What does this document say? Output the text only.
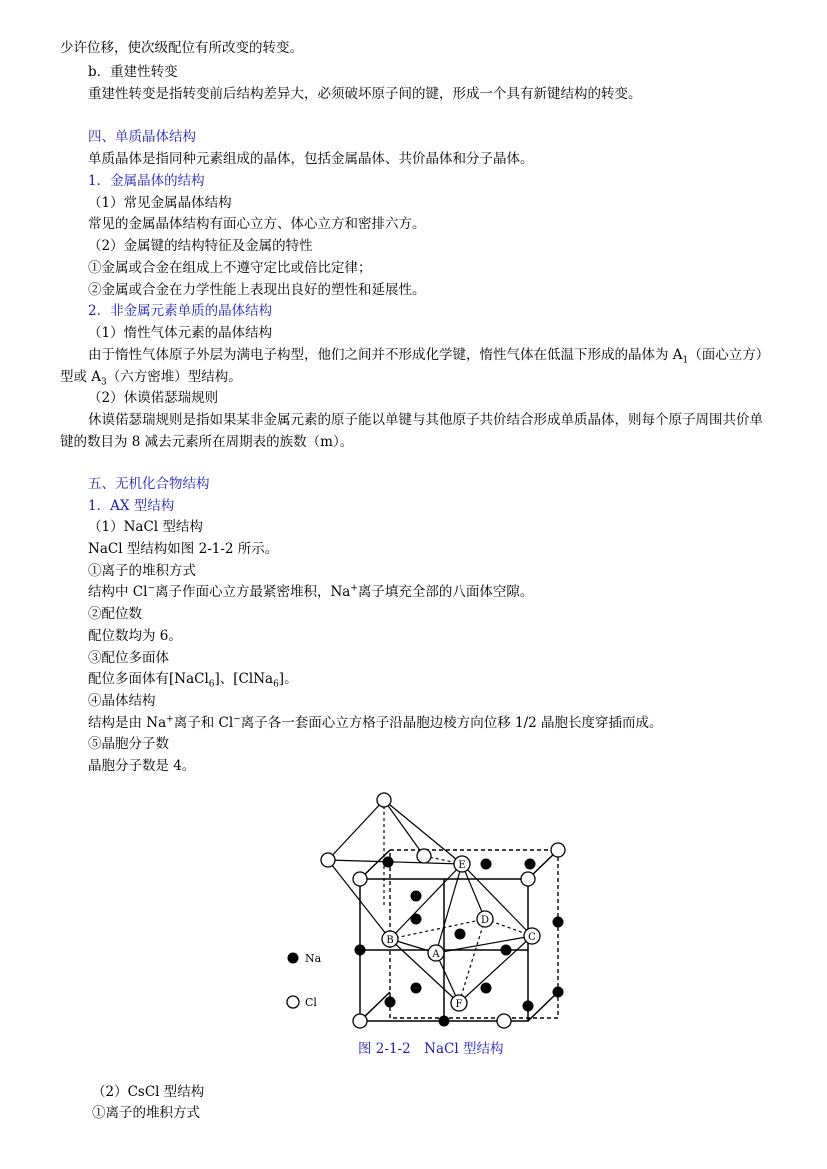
少许位移，使次级配位有所改变的转变。
b．重建性转变
重建性转变是指转变前后结构差异大，必须破坏原子间的键，形成一个具有新键结构的转变。
四、单质晶体结构
单质晶体是指同种元素组成的晶体，包括金属晶体、共价晶体和分子晶体。
1．金属晶体的结构
（1）常见金属晶体结构
常见的金属晶体结构有面心立方、体心立方和密排六方。
（2）金属键的结构特征及金属的特性
①金属或合金在组成上不遵守定比或倍比定律；
②金属或合金在力学性能上表现出良好的塑性和延展性。
2．非金属元素单质的晶体结构
（1）惰性气体元素的晶体结构
由于惰性气体原子外层为满电子构型，他们之间并不形成化学键，惰性气体在低温下形成的晶体为 $A_1$（面心立方）型或 $A_3$（六方密堆）型结构。
（2）休谟偌瑟瑞规则
休谟偌瑟瑞规则是指如果某非金属元素的原子能以单键与其他原子共价结合形成单质晶体，则每个原子周围共价单键的数目为 8 减去元素所在周期表的族数（m）。
五、无机化合物结构
1．AX 型结构
（1）NaCl 型结构
NaCl 型结构如图 2-1-2 所示。
①离子的堆积方式
结构中 Cl−离子作面心立方最紧密堆积，Na+离子填充全部的八面体空隙。
②配位数
配位数均为 6。
③配位多面体
配位多面体有[NaCl$_6$]、[ClNa$_6$]。
④晶体结构
结构是由 Na+离子和 Cl−离子各一套面心立方格子沿晶胞边棱方向位移 1/2 晶胞长度穿插而成。
⑤晶胞分子数
晶胞分子数是 4。
A
B	C
D
E
F
Na
Cl
图 2-1-2　NaCl 型结构
（2）CsCl 型结构
①离子的堆积方式
